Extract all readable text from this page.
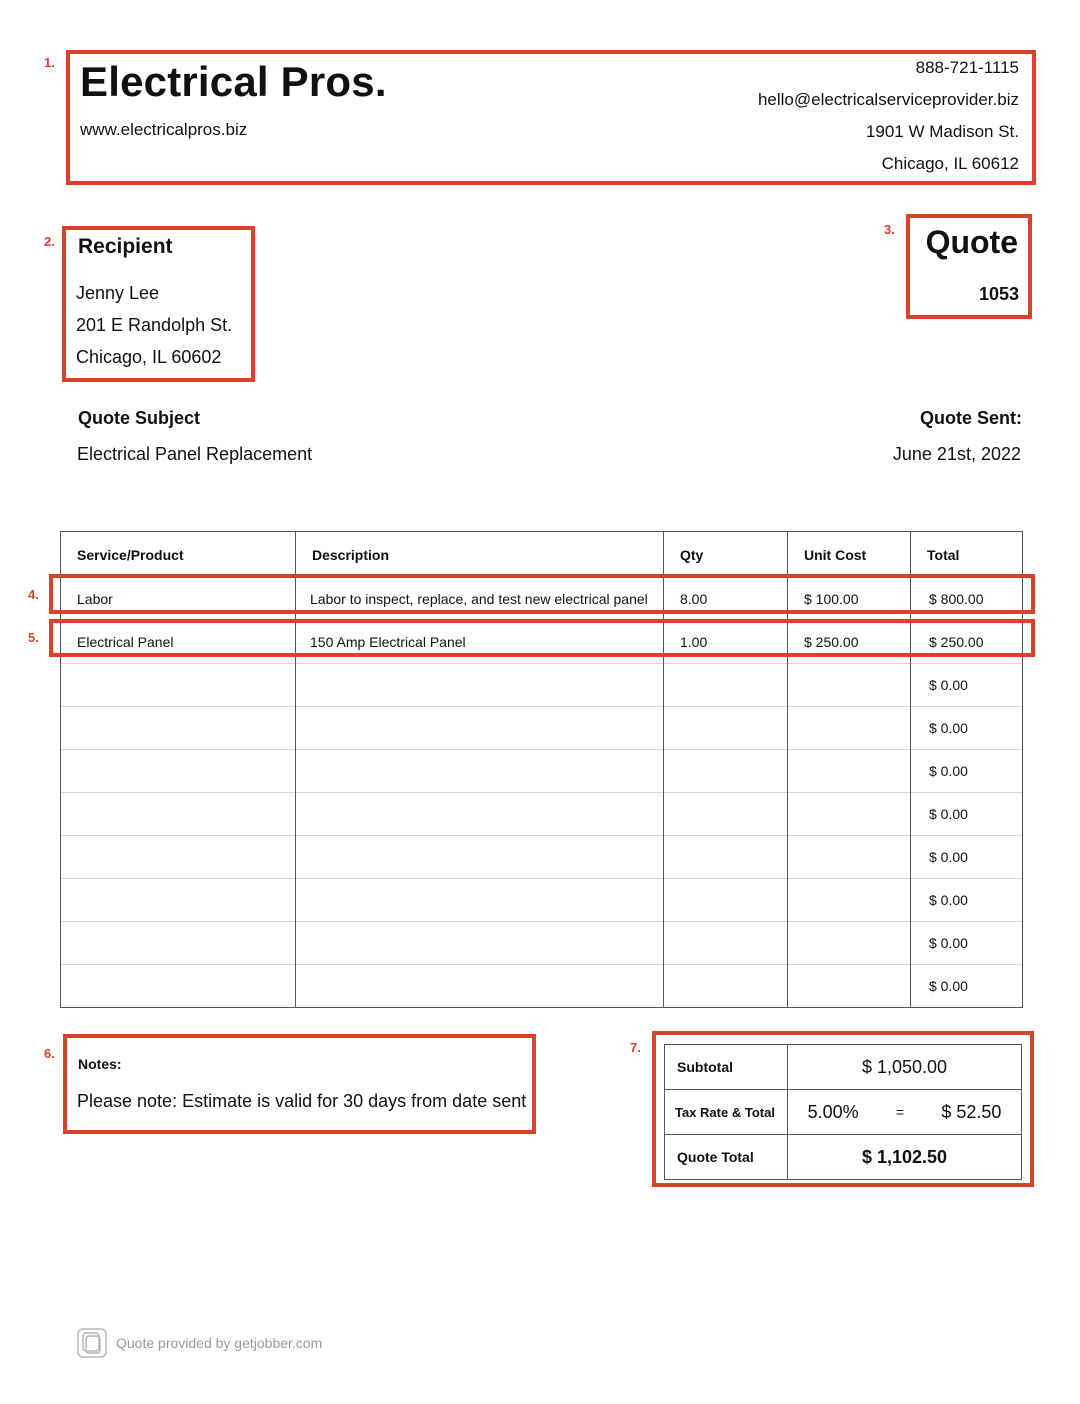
1.
2.
3.
4.
5.
6.	7.
Electrical Pros.
www.electricalpros.biz
888-721-1115
hello@electricalserviceprovider.biz
1901 W Madison St.
Chicago, IL 60612
Recipient
Jenny Lee
201 E Randolph St.
Chicago, IL 60602
Quote
1053
Quote Subject
Electrical Panel Replacement
Quote Sent:
June 21st, 2022
Service/Product	Description	Qty	Unit Cost	Total
Labor	Labor to inspect, replace, and test new electrical panel	8.00	$ 100.00	$ 800.00
Electrical Panel	150 Amp Electrical Panel	1.00	$ 250.00	$ 250.00
				$ 0.00
				$ 0.00
				$ 0.00
				$ 0.00
				$ 0.00
				$ 0.00
				$ 0.00
				$ 0.00
Notes:
Please note: Estimate is valid for 30 days from date sent
Subtotal	$ 1,050.00
Tax Rate & Total	5.00% = $ 52.50

Quote Total	$ 1,102.50
Quote provided by getjobber.com
